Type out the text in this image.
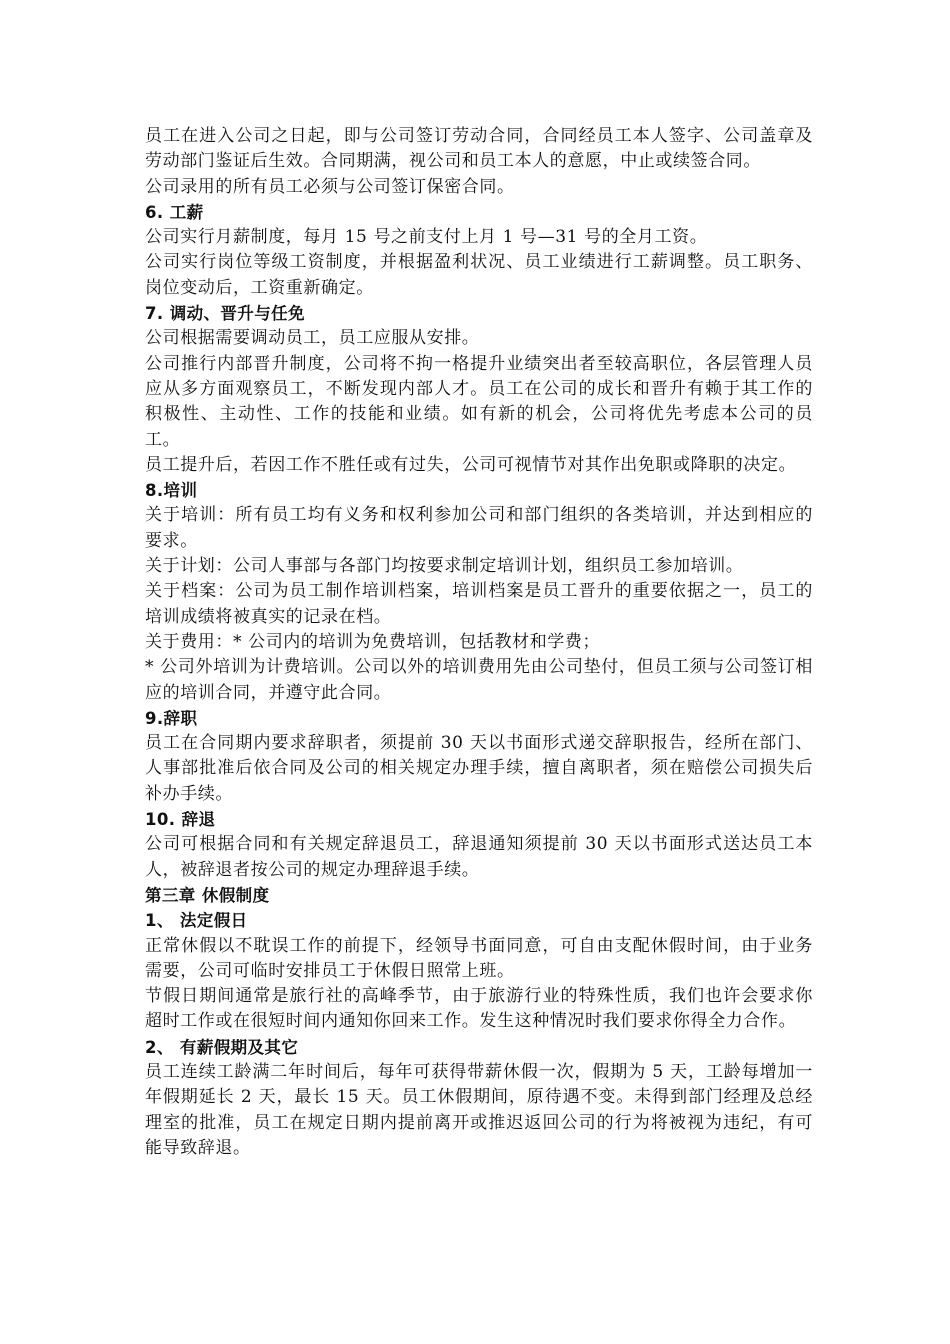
员工在进入公司之日起，即与公司签订劳动合同，合同经员工本人签字、公司盖章及劳动部门鉴证后生效。合同期满，视公司和员工本人的意愿，中止或续签合同。

公司录用的所有员工必须与公司签订保密合同。

6. 工薪

公司实行月薪制度，每月 15 号之前支付上月 1 号—31 号的全月工资。

公司实行岗位等级工资制度，并根据盈利状况、员工业绩进行工薪调整。员工职务、岗位变动后，工资重新确定。

7. 调动、晋升与任免

公司根据需要调动员工，员工应服从安排。

公司推行内部晋升制度，公司将不拘一格提升业绩突出者至较高职位，各层管理人员应从多方面观察员工，不断发现内部人才。员工在公司的成长和晋升有赖于其工作的积极性、主动性、工作的技能和业绩。如有新的机会，公司将优先考虑本公司的员工。

员工提升后，若因工作不胜任或有过失，公司可视情节对其作出免职或降职的决定。

8.培训

关于培训：所有员工均有义务和权利参加公司和部门组织的各类培训，并达到相应的要求。

关于计划：公司人事部与各部门均按要求制定培训计划，组织员工参加培训。

关于档案：公司为员工制作培训档案，培训档案是员工晋升的重要依据之一，员工的培训成绩将被真实的记录在档。

关于费用：* 公司内的培训为免费培训，包括教材和学费；

* 公司外培训为计费培训。公司以外的培训费用先由公司垫付，但员工须与公司签订相应的培训合同，并遵守此合同。

9.辞职

员工在合同期内要求辞职者，须提前 30 天以书面形式递交辞职报告，经所在部门、人事部批准后依合同及公司的相关规定办理手续，擅自离职者，须在赔偿公司损失后补办手续。

10. 辞退

公司可根据合同和有关规定辞退员工，辞退通知须提前 30 天以书面形式送达员工本人，被辞退者按公司的规定办理辞退手续。

第三章 休假制度

1、 法定假日

正常休假以不耽误工作的前提下，经领导书面同意，可自由支配休假时间，由于业务需要，公司可临时安排员工于休假日照常上班。

节假日期间通常是旅行社的高峰季节，由于旅游行业的特殊性质，我们也许会要求你超时工作或在很短时间内通知你回来工作。发生这种情况时我们要求你得全力合作。

2、 有薪假期及其它

员工连续工龄满二年时间后，每年可获得带薪休假一次，假期为 5 天，工龄每增加一年假期延长 2 天，最长 15 天。员工休假期间，原待遇不变。未得到部门经理及总经理室的批准，员工在规定日期内提前离开或推迟返回公司的行为将被视为违纪，有可能导致辞退。
